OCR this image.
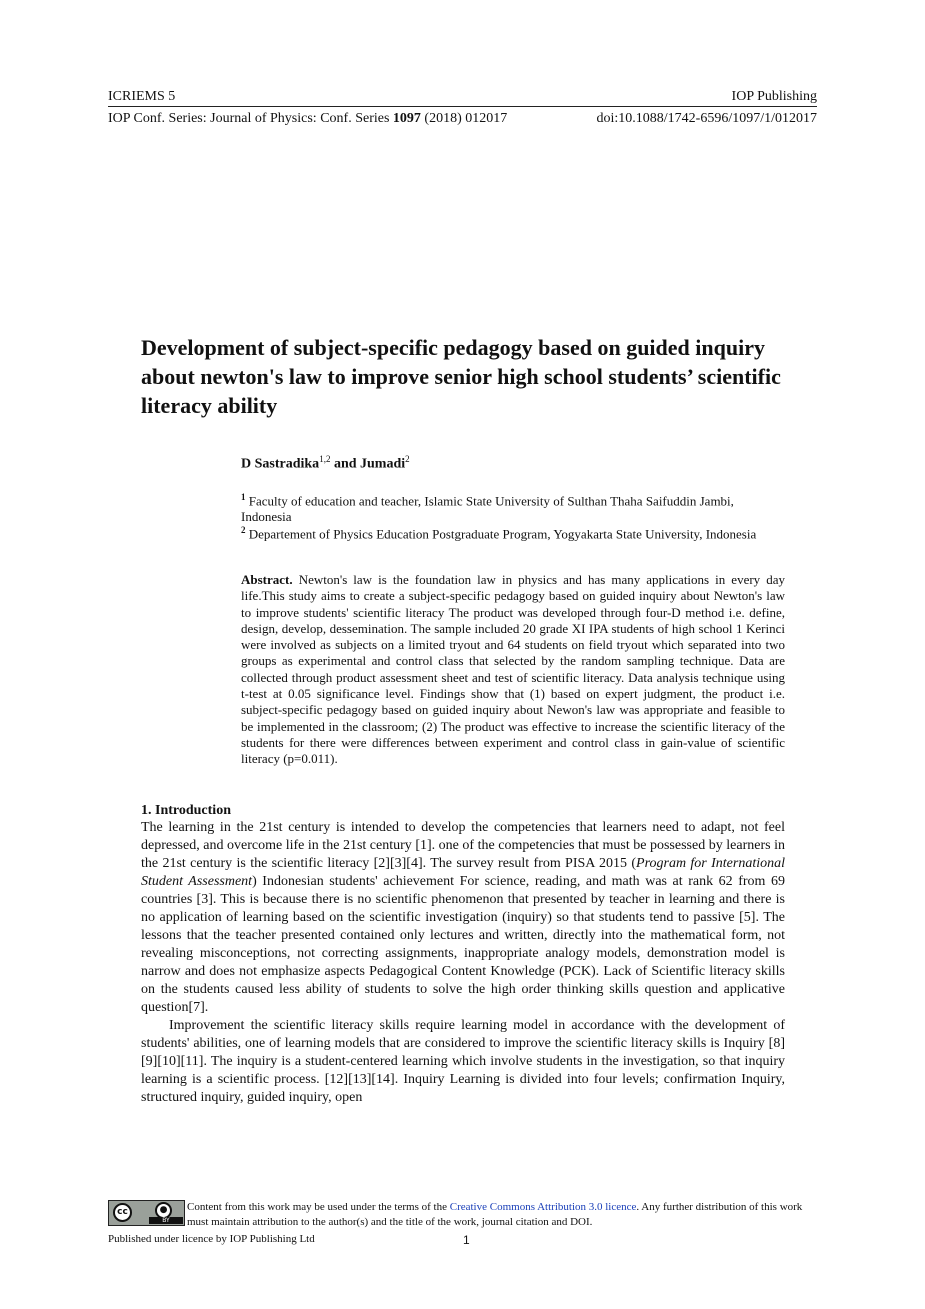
ICRIEMS 5	IOP Publishing
IOP Conf. Series: Journal of Physics: Conf. Series 1097 (2018) 012017	doi:10.1088/1742-6596/1097/1/012017
Development of subject-specific pedagogy based on guided inquiry about newton's law to improve senior high school students’ scientific literacy ability
D Sastradika$^{1,2}$ and Jumadi$^2$
$^1$ Faculty of education and teacher, Islamic State University of Sulthan Thaha Saifuddin Jambi, Indonesia
$^2$ Departement of Physics Education Postgraduate Program, Yogyakarta State University, Indonesia
Abstract. Newton's law is the foundation law in physics and has many applications in every day life.This study aims to create a subject-specific pedagogy based on guided inquiry about Newton's law to improve students' scientific literacy The product was developed through four-D method i.e. define, design, develop, dessemination. The sample included 20 grade XI IPA students of high school 1 Kerinci were involved as subjects on a limited tryout and 64 students on field tryout which separated into two groups as experimental and control class that selected by the random sampling technique. Data are collected through product assessment sheet and test of scientific literacy. Data analysis technique using t-test at 0.05 significance level. Findings show that (1) based on expert judgment, the product i.e. subject-specific pedagogy based on guided inquiry about Newon's law was appropriate and feasible to be implemented in the classroom; (2) The product was effective to increase the scientific literacy of the students for there were differences between experiment and control class in gain-value of scientific literacy (p=0.011).
1. Introduction

The learning in the 21st century is intended to develop the competencies that learners need to adapt, not feel depressed, and overcome life in the 21st century [1]. one of the competencies that must be possessed by learners in the 21st century is the scientific literacy [2][3][4]. The survey result from PISA 2015 (Program for International Student Assessment) Indonesian students' achievement For science, reading, and math was at rank 62 from 69 countries [3]. This is because there is no scientific phenomenon that presented by teacher in learning and there is no application of learning based on the scientific investigation (inquiry) so that students tend to passive [5]. The lessons that the teacher presented contained only lectures and written, directly into the mathematical form, not revealing misconceptions, not correcting assignments, inappropriate analogy models, demonstration model is narrow and does not emphasize aspects Pedagogical Content Knowledge (PCK). Lack of Scientific literacy skills on the students caused less ability of students to solve the high order thinking skills question and applicative question[7].

Improvement the scientific literacy skills require learning model in accordance with the development of students' abilities, one of learning models that are considered to improve the scientific literacy skills is Inquiry [8][9][10][11]. The inquiry is a student-centered learning which involve students in the investigation, so that inquiry learning is a scientific process. [12][13][14]. Inquiry Learning is divided into four levels; confirmation Inquiry, structured inquiry, guided inquiry, open

cc	●
BY
Content from this work may be used under the terms of the Creative Commons Attribution 3.0 licence. Any further distribution of this work must maintain attribution to the author(s) and the title of the work, journal citation and DOI.
Published under licence by IOP Publishing Ltd	1
